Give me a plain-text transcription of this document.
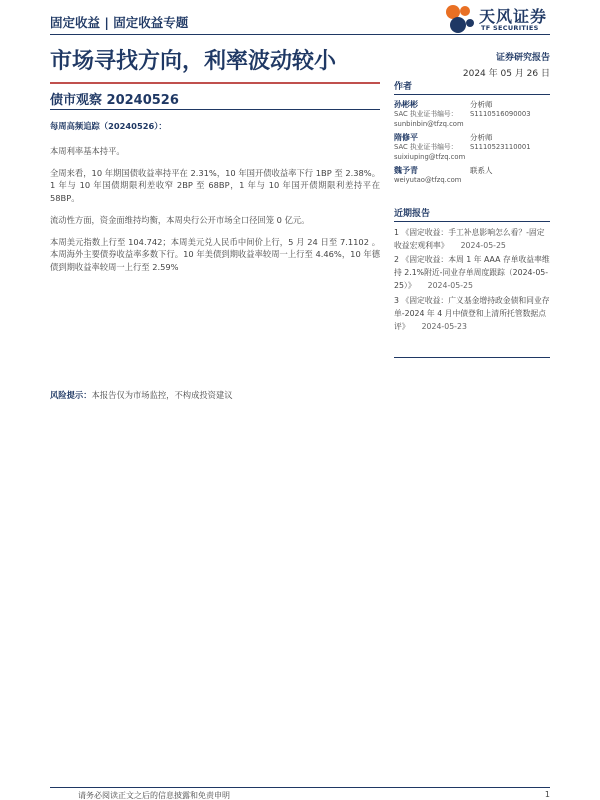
固定收益 | 固定收益专题	天风证券
TF SECURITIES
市场寻找方向，利率波动较小	证券研究报告
2024 年 05 月 26 日
债市观察 20240526
每周高频追踪（20240526）：

本周利率基本持平。

全周来看，10 年期国债收益率持平在 2.31%，10 年国开债收益率下行 1BP 至 2.38%。1 年与 10 年国债期限利差收窄 2BP 至 68BP，1 年与 10 年国开债期限利差持平在 58BP。

流动性方面，资金面维持均衡，本周央行公开市场全口径回笼 0 亿元。

本周美元指数上行至 104.742；本周美元兑人民币中间价上行，5 月 24 日至 7.1102 。本周海外主要债券收益率多数下行。10 年美债到期收益率较周一上行至 4.46%，10 年德债到期收益率较周一上行至 2.59%

作者
孙彬彬	分析师
SAC 执业证书编号： S1110516090003
sunbinbin@tfzq.com
隋修平	分析师
SAC 执业证书编号： S1110523110001
suixiuping@tfzq.com
魏予青	联系人
weiyutao@tfzq.com
近期报告
1 《固定收益：手工补息影响怎么看？-固定收益宏观利率》 2024-05-25
2 《固定收益：本周 1 年 AAA 存单收益率维持 2.1%附近-同业存单周度跟踪（2024-05-25）》 2024-05-25
3 《固定收益：广义基金增持政金债和同业存单-2024 年 4 月中债登和上清所托管数据点评》 2024-05-23
风险提示：本报告仅为市场监控，不构成投资建议
请务必阅读正文之后的信息披露和免责申明	1
